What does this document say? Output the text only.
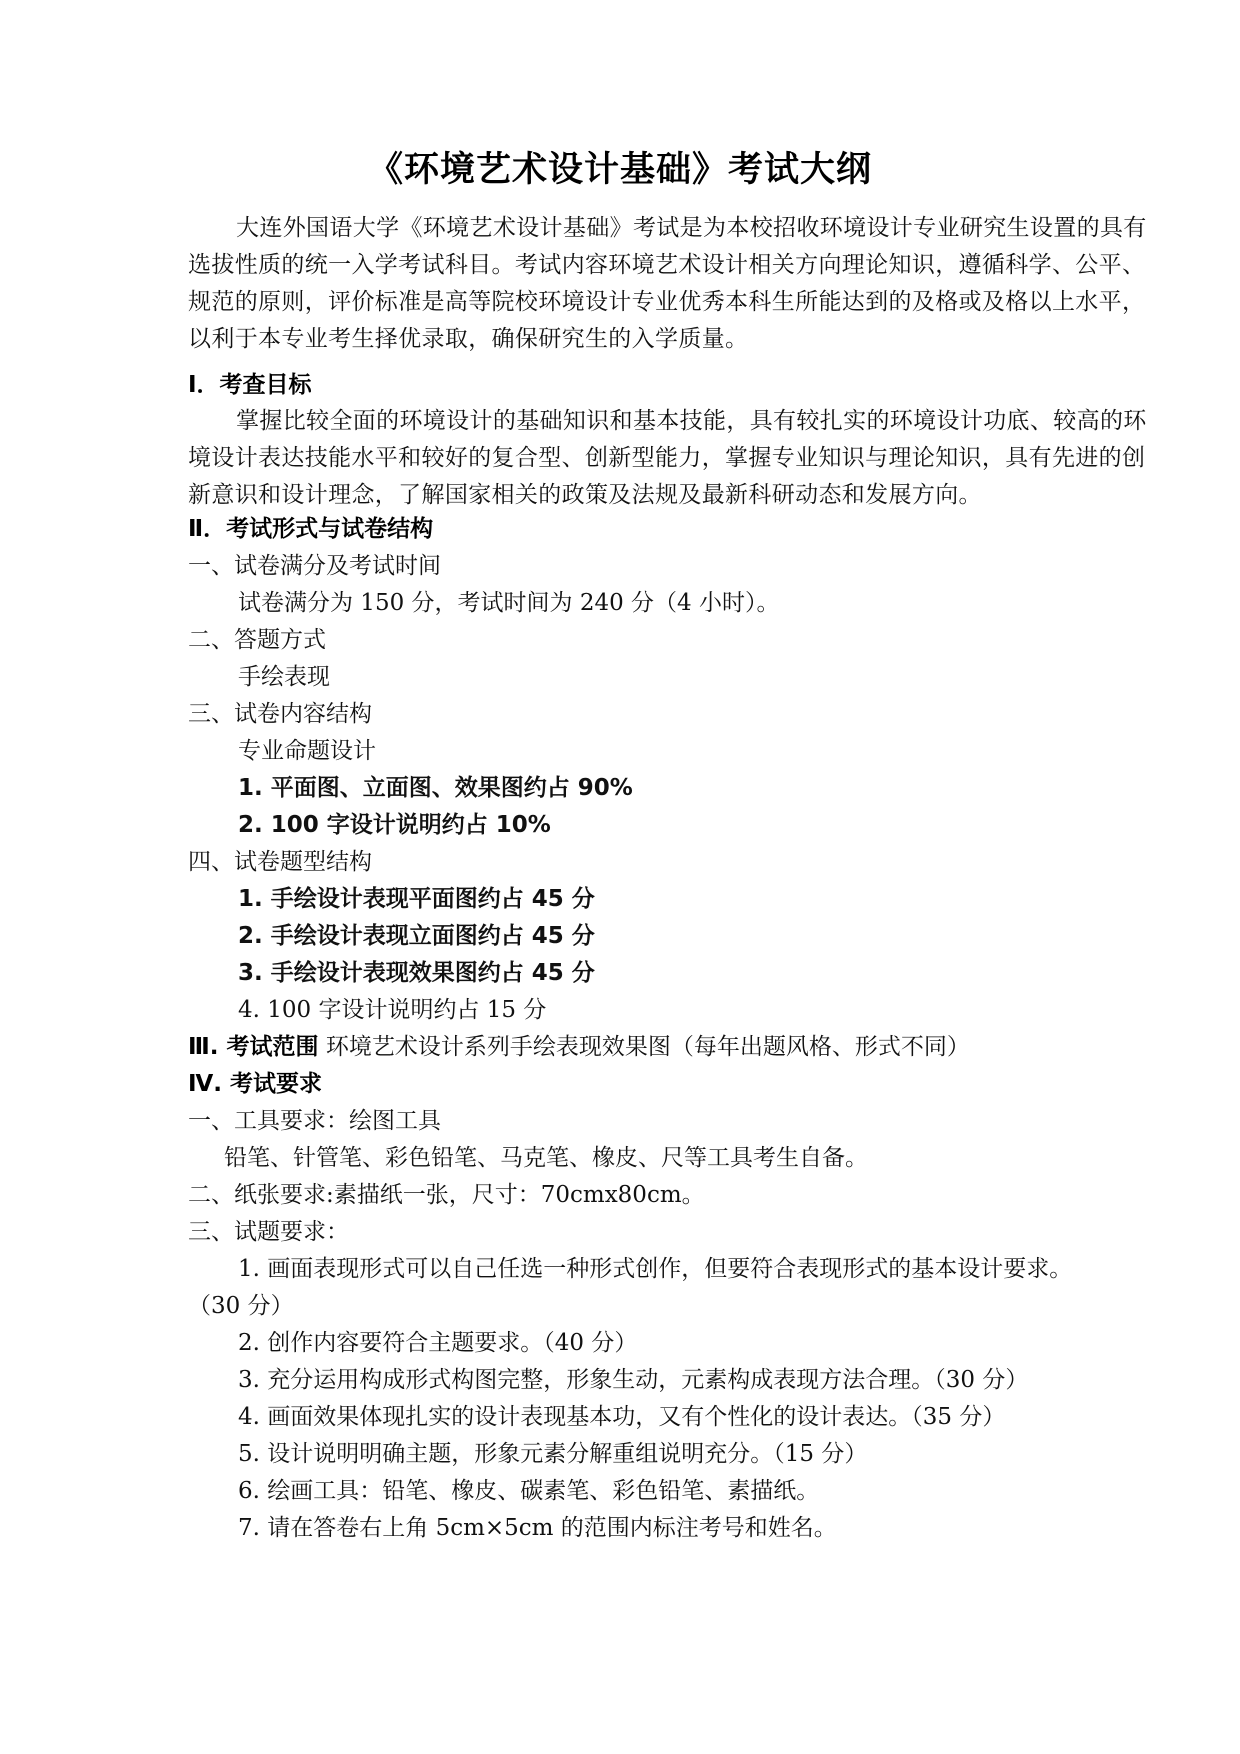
《环境艺术设计基础》考试大纲
大连外国语大学《环境艺术设计基础》考试是为本校招收环境设计专业研究生设置的具有选拔性质的统一入学考试科目。考试内容环境艺术设计相关方向理论知识，遵循科学、公平、规范的原则，评价标准是高等院校环境设计专业优秀本科生所能达到的及格或及格以上水平，以利于本专业考生择优录取，确保研究生的入学质量。
Ⅰ．考查目标
掌握比较全面的环境设计的基础知识和基本技能，具有较扎实的环境设计功底、较高的环境设计表达技能水平和较好的复合型、创新型能力，掌握专业知识与理论知识，具有先进的创新意识和设计理念，了解国家相关的政策及法规及最新科研动态和发展方向。
Ⅱ．考试形式与试卷结构
一、试卷满分及考试时间
试卷满分为 150 分，考试时间为 240 分（4 小时）。
二、答题方式
手绘表现
三、试卷内容结构
专业命题设计
1. 平面图、立面图、效果图约占 90%
2. 100 字设计说明约占 10%
四、试卷题型结构
1. 手绘设计表现平面图约占 45 分
2. 手绘设计表现立面图约占 45 分
3. 手绘设计表现效果图约占 45 分
4. 100 字设计说明约占 15 分
Ⅲ. 考试范围 环境艺术设计系列手绘表现效果图（每年出题风格、形式不同）
Ⅳ. 考试要求
一、工具要求：绘图工具
铅笔、针管笔、彩色铅笔、马克笔、橡皮、尺等工具考生自备。
二、纸张要求:素描纸一张，尺寸：70cmx80cm。
三、试题要求：
1. 画面表现形式可以自己任选一种形式创作，但要符合表现形式的基本设计要求。
（30 分）
2. 创作内容要符合主题要求。（40 分）
3. 充分运用构成形式构图完整，形象生动，元素构成表现方法合理。（30 分）
4. 画面效果体现扎实的设计表现基本功，又有个性化的设计表达。（35 分）
5. 设计说明明确主题，形象元素分解重组说明充分。（15 分）
6. 绘画工具：铅笔、橡皮、碳素笔、彩色铅笔、素描纸。
7. 请在答卷右上角 5cm×5cm 的范围内标注考号和姓名。
